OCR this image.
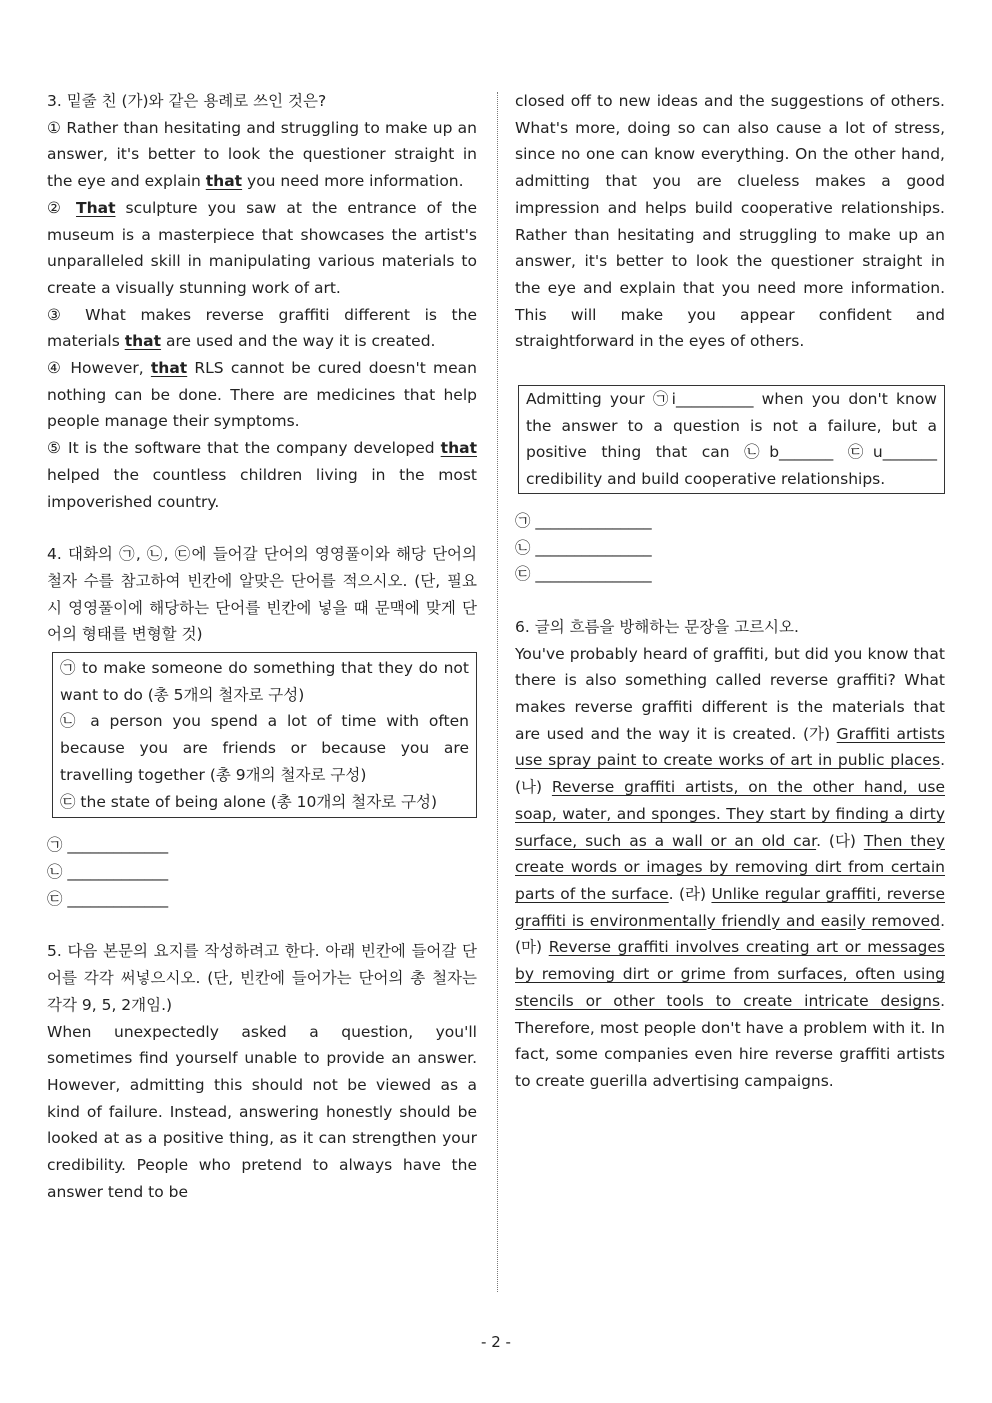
3. 밑줄 친 (가)와 같은 용례로 쓰인 것은?

① Rather than hesitating and struggling to make up an answer, it's better to look the questioner straight in the eye and explain that you need more information.

② That sculpture you saw at the entrance of the museum is a masterpiece that showcases the artist's unparalleled skill in manipulating various materials to create a visually stunning work of art.

③ What makes reverse graffiti different is the materials that are used and the way it is created.

④ However, that RLS cannot be cured doesn't mean nothing can be done. There are medicines that help people manage their symptoms.

⑤ It is the software that the company developed that helped the countless children living in the most impoverished country.

4. 대화의 ㉠, ㉡, ㉢에 들어갈 단어의 영영풀이와 해당 단어의 철자 수를 참고하여 빈칸에 알맞은 단어를 적으시오. (단, 필요 시 영영풀이에 해당하는 단어를 빈칸에 넣을 때 문맥에 맞게 단어의 형태를 변형할 것)

㉠ to make someone do something that they do not want to do (총 5개의 철자로 구성)

㉡ a person you spend a lot of time with often because you are friends or because you are travelling together (총 9개의 철자로 구성)

㉢ the state of being alone (총 10개의 철자로 구성)

㉠ _____________

㉡ _____________

㉢ _____________

5. 다음 본문의 요지를 작성하려고 한다. 아래 빈칸에 들어갈 단어를 각각 써넣으시오. (단, 빈칸에 들어가는 단어의 총 철자는 각각 9, 5, 2개임.)

When unexpectedly asked a question, you'll sometimes find yourself unable to provide an answer. However, admitting this should not be viewed as a kind of failure. Instead, answering honestly should be looked at as a positive thing, as it can strengthen your credibility. People who pretend to always have the answer tend to be

closed off to new ideas and the suggestions of others. What's more, doing so can also cause a lot of stress, since no one can know everything. On the other hand, admitting that you are clueless makes a good impression and helps build cooperative relationships. Rather than hesitating and struggling to make up an answer, it's better to look the questioner straight in the eye and explain that you need more information. This will make you appear confident and straightforward in the eyes of others.

Admitting your ㉠i__________ when you don't know the answer to a question is not a failure, but a positive thing that can ㉡b_______ ㉢u_______ credibility and build cooperative relationships.

㉠ _______________

㉡ _______________

㉢ _______________

6. 글의 흐름을 방해하는 문장을 고르시오.

You've probably heard of graffiti, but did you know that there is also something called reverse graffiti? What makes reverse graffiti different is the materials that are used and the way it is created. (가) Graffiti artists use spray paint to create works of art in public places. (나) Reverse graffiti artists, on the other hand, use soap, water, and sponges. They start by finding a dirty surface, such as a wall or an old car. (다) Then they create words or images by removing dirt from certain parts of the surface. (라) Unlike regular graffiti, reverse graffiti is environmentally friendly and easily removed. (마) Reverse graffiti involves creating art or messages by removing dirt or grime from surfaces, often using stencils or other tools to create intricate designs. Therefore, most people don't have a problem with it. In fact, some companies even hire reverse graffiti artists to create guerilla advertising campaigns.

- 2 -
